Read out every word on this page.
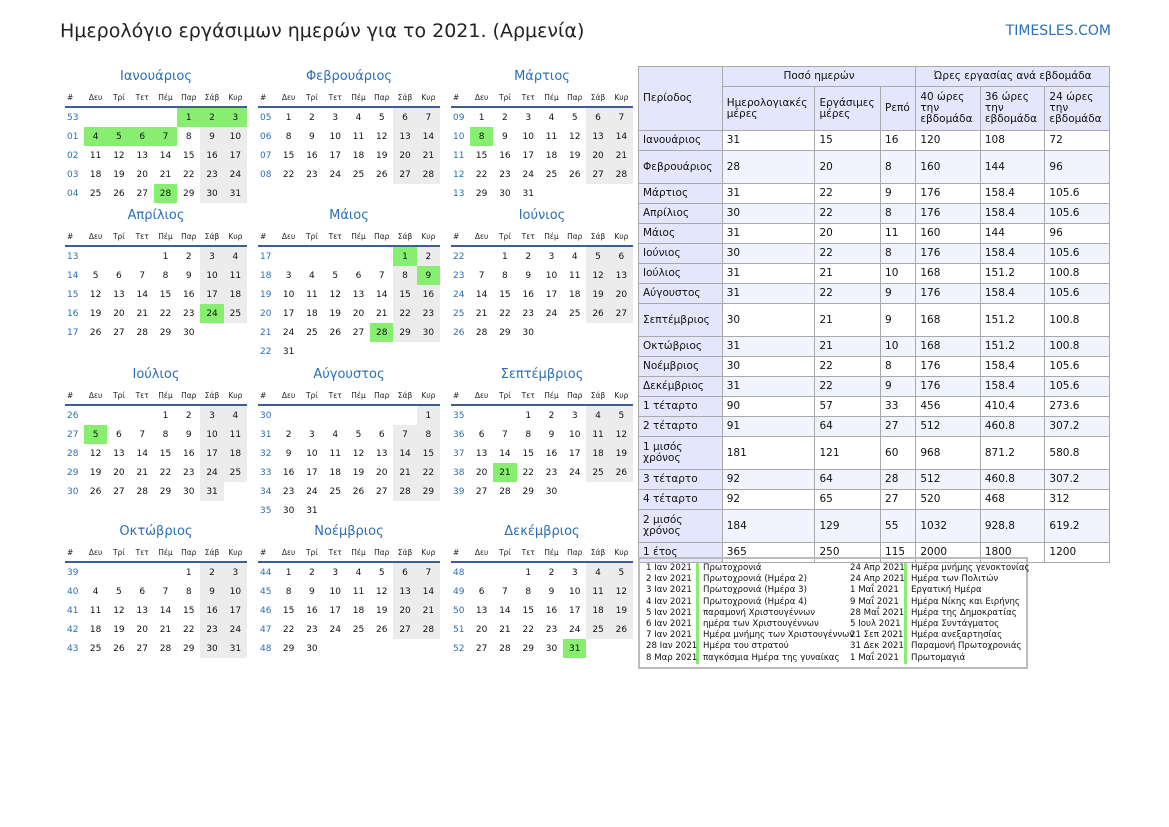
Ημερολόγιο εργάσιμων ημερών για το 2021. (Αρμενία)	TIMESLES.COM
Ιανουάριος
#	Δευ	Τρί	Τετ	Πέμ	Παρ	Σάβ	Κυρ
53					1	2	3
01	4	5	6	7	8	9	10
02	11	12	13	14	15	16	17
03	18	19	20	21	22	23	24
04	25	26	27	28	29	30	31
Φεβρουάριος
#	Δευ	Τρί	Τετ	Πέμ	Παρ	Σάβ	Κυρ
05	1	2	3	4	5	6	7
06	8	9	10	11	12	13	14
07	15	16	17	18	19	20	21
08	22	23	24	25	26	27	28
Μάρτιος
#	Δευ	Τρί	Τετ	Πέμ	Παρ	Σάβ	Κυρ
09	1	2	3	4	5	6	7
10	8	9	10	11	12	13	14
11	15	16	17	18	19	20	21
12	22	23	24	25	26	27	28
13	29	30	31				
Απρίλιος
#	Δευ	Τρί	Τετ	Πέμ	Παρ	Σάβ	Κυρ
13				1	2	3	4
14	5	6	7	8	9	10	11
15	12	13	14	15	16	17	18
16	19	20	21	22	23	24	25
17	26	27	28	29	30		
Μάιος
#	Δευ	Τρί	Τετ	Πέμ	Παρ	Σάβ	Κυρ
17						1	2
18	3	4	5	6	7	8	9
19	10	11	12	13	14	15	16
20	17	18	19	20	21	22	23
21	24	25	26	27	28	29	30
22	31						
Ιούνιος
#	Δευ	Τρί	Τετ	Πέμ	Παρ	Σάβ	Κυρ
22		1	2	3	4	5	6
23	7	8	9	10	11	12	13
24	14	15	16	17	18	19	20
25	21	22	23	24	25	26	27
26	28	29	30				
Ιούλιος
#	Δευ	Τρί	Τετ	Πέμ	Παρ	Σάβ	Κυρ
26				1	2	3	4
27	5	6	7	8	9	10	11
28	12	13	14	15	16	17	18
29	19	20	21	22	23	24	25
30	26	27	28	29	30	31	
Αύγουστος
#	Δευ	Τρί	Τετ	Πέμ	Παρ	Σάβ	Κυρ
30							1
31	2	3	4	5	6	7	8
32	9	10	11	12	13	14	15
33	16	17	18	19	20	21	22
34	23	24	25	26	27	28	29
35	30	31					
Σεπτέμβριος
#	Δευ	Τρί	Τετ	Πέμ	Παρ	Σάβ	Κυρ
35			1	2	3	4	5
36	6	7	8	9	10	11	12
37	13	14	15	16	17	18	19
38	20	21	22	23	24	25	26
39	27	28	29	30			
Οκτώβριος
#	Δευ	Τρί	Τετ	Πέμ	Παρ	Σάβ	Κυρ
39					1	2	3
40	4	5	6	7	8	9	10
41	11	12	13	14	15	16	17
42	18	19	20	21	22	23	24
43	25	26	27	28	29	30	31
Νοέμβριος
#	Δευ	Τρί	Τετ	Πέμ	Παρ	Σάβ	Κυρ
44	1	2	3	4	5	6	7
45	8	9	10	11	12	13	14
46	15	16	17	18	19	20	21
47	22	23	24	25	26	27	28
48	29	30					
Δεκέμβριος
#	Δευ	Τρί	Τετ	Πέμ	Παρ	Σάβ	Κυρ
48			1	2	3	4	5
49	6	7	8	9	10	11	12
50	13	14	15	16	17	18	19
51	20	21	22	23	24	25	26
52	27	28	29	30	31		
Περίοδος	Ποσό ημερών			Ώρες εργασίας ανά εβδομάδα		
	Ημερολογιακές μέρες	Εργάσιμες μέρες	Ρεπό	40 ώρες την εβδομάδα	36 ώρες την εβδομάδα	24 ώρες την εβδομάδα
Ιανουάριος	31	15	16	120	108	72
Φεβρουάριος	28	20	8	160	144	96
Μάρτιος	31	22	9	176	158.4	105.6
Απρίλιος	30	22	8	176	158.4	105.6
Μάιος	31	20	11	160	144	96
Ιούνιος	30	22	8	176	158.4	105.6
Ιούλιος	31	21	10	168	151.2	100.8
Αύγουστος	31	22	9	176	158.4	105.6
Σεπτέμβριος	30	21	9	168	151.2	100.8
Οκτώβριος	31	21	10	168	151.2	100.8
Νοέμβριος	30	22	8	176	158.4	105.6
Δεκέμβριος	31	22	9	176	158.4	105.6
1 τέταρτο	90	57	33	456	410.4	273.6
2 τέταρτο	91	64	27	512	460.8	307.2
1 μισός χρόνος	181	121	60	968	871.2	580.8
3 τέταρτο	92	64	28	512	460.8	307.2
4 τέταρτο	92	65	27	520	468	312
2 μισός χρόνος	184	129	55	1032	928.8	619.2
1 έτος	365	250	115	2000	1800	1200
1 Ιαν 2021	Πρωτοχρονιά
2 Ιαν 2021	Πρωτοχρονιά (Ημέρα 2)
3 Ιαν 2021	Πρωτοχρονιά (Ημέρα 3)
4 Ιαν 2021	Πρωτοχρονιά (Ημέρα 4)
5 Ιαν 2021	παραμονή Χριστουγέννων
6 Ιαν 2021	ημέρα των Χριστουγέννων
7 Ιαν 2021	Ημέρα μνήμης των Χριστουγέννων
28 Ιαν 2021 Ημέρα του στρατού
8 Μαρ 2021 παγκόσμια Ημέρα της γυναίκας
24 Απρ 2021 Ημέρα μνήμης γενοκτονίας
24 Απρ 2021 Ημέρα των Πολιτών
1 Μαΐ 2021	Εργατική Ημέρα
9 Μαΐ 2021	Ημέρα Νίκης και Ειρήνης
28 Μαΐ 2021 Ημέρα της Δημοκρατίας
5 Ιουλ 2021	Ημέρα Συντάγματος
21 Σεπ 2021 Ημέρα ανεξαρτησίας
31 Δεκ 2021 Παραμονή Πρωτοχρονιάς
1 Μαΐ 2021	Πρωτομαγιά
